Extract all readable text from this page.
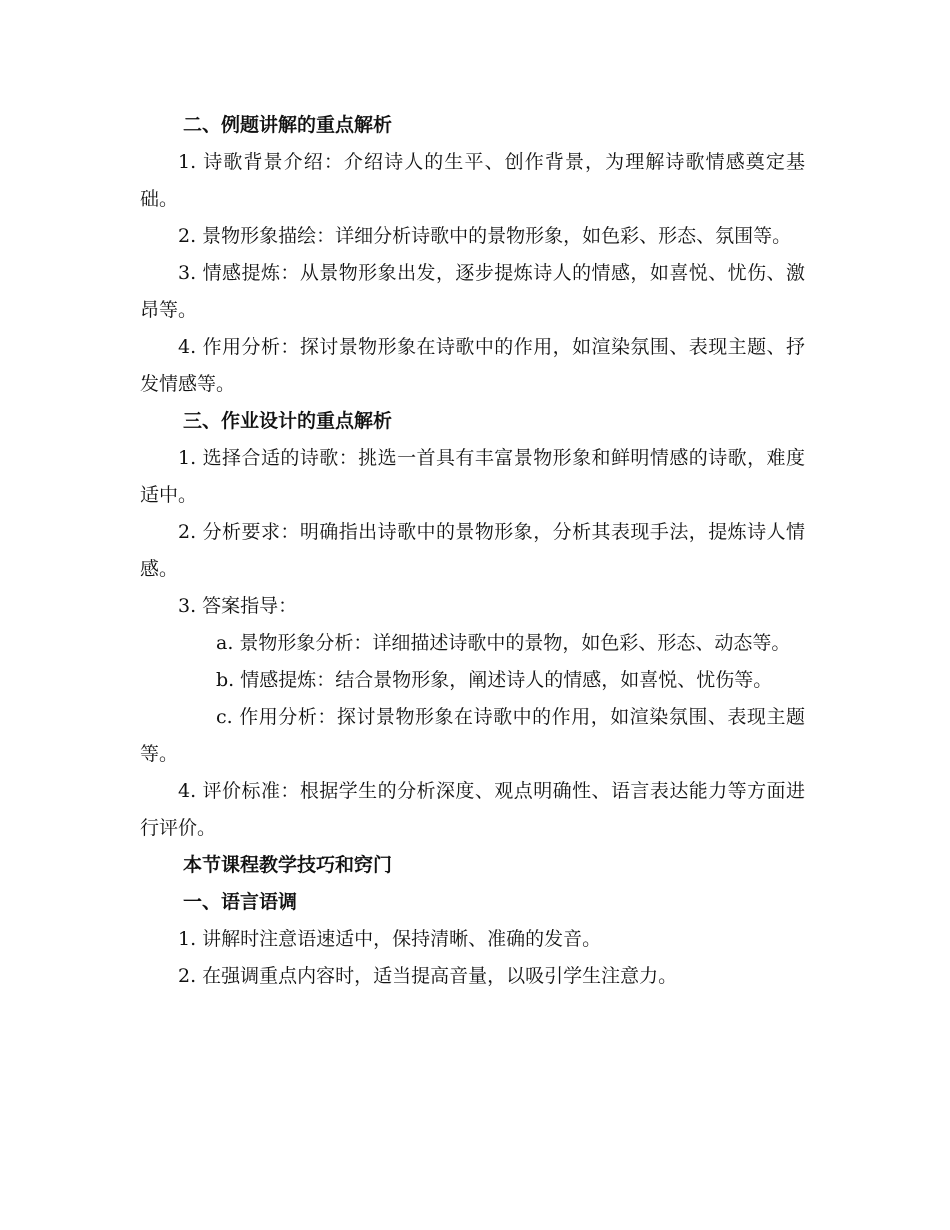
二、例题讲解的重点解析

1. 诗歌背景介绍：介绍诗人的生平、创作背景，为理解诗歌情感奠定基础。

2. 景物形象描绘：详细分析诗歌中的景物形象，如色彩、形态、氛围等。

3. 情感提炼：从景物形象出发，逐步提炼诗人的情感，如喜悦、忧伤、激昂等。

4. 作用分析：探讨景物形象在诗歌中的作用，如渲染氛围、表现主题、抒发情感等。

三、作业设计的重点解析

1. 选择合适的诗歌：挑选一首具有丰富景物形象和鲜明情感的诗歌，难度适中。

2. 分析要求：明确指出诗歌中的景物形象，分析其表现手法，提炼诗人情感。

3. 答案指导：

a. 景物形象分析：详细描述诗歌中的景物，如色彩、形态、动态等。

b. 情感提炼：结合景物形象，阐述诗人的情感，如喜悦、忧伤等。

c. 作用分析：探讨景物形象在诗歌中的作用，如渲染氛围、表现主题等。

4. 评价标准：根据学生的分析深度、观点明确性、语言表达能力等方面进行评价。

本节课程教学技巧和窍门

一、语言语调

1. 讲解时注意语速适中，保持清晰、准确的发音。

2. 在强调重点内容时，适当提高音量，以吸引学生注意力。
